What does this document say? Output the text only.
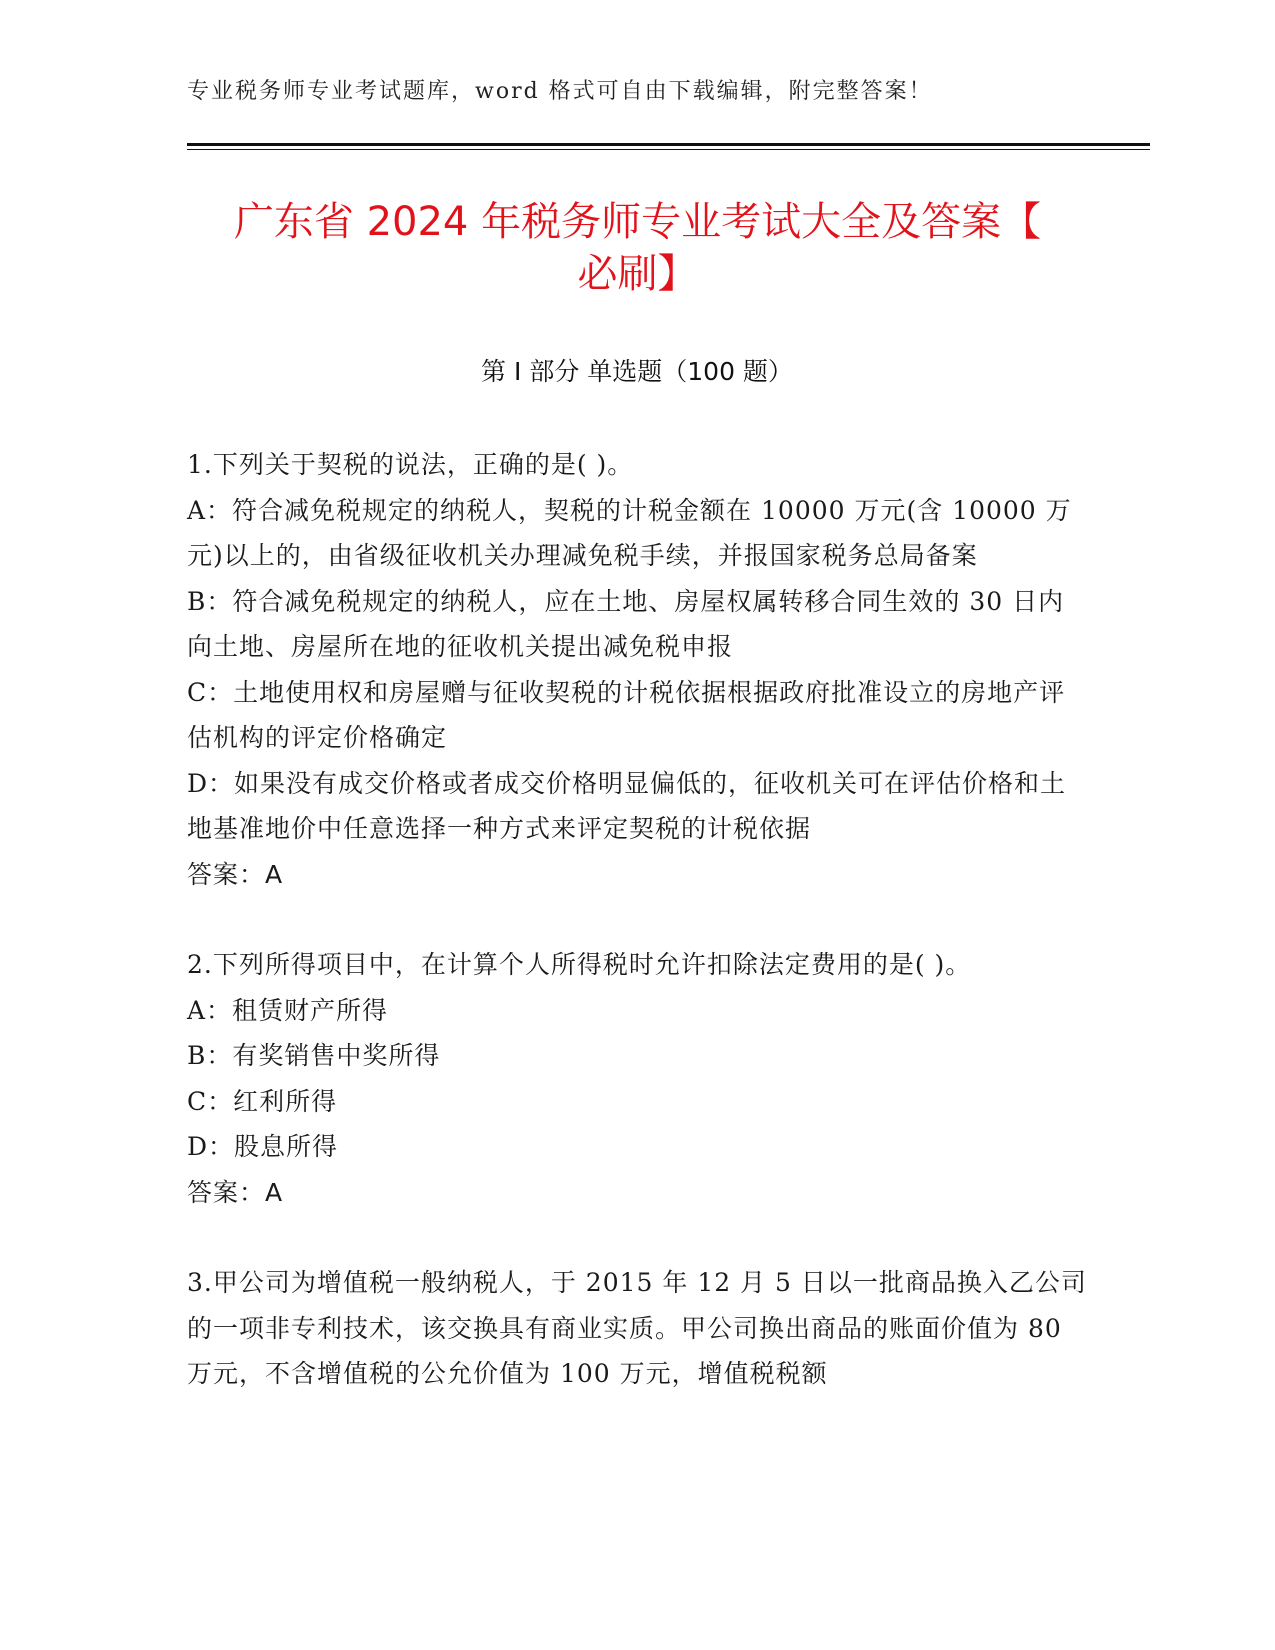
专业税务师专业考试题库，word 格式可自由下载编辑，附完整答案！
广东省 2024 年税务师专业考试大全及答案【
必刷】
第 I 部分 单选题（100 题）
1.下列关于契税的说法，正确的是( )。
A：符合减免税规定的纳税人，契税的计税金额在 10000 万元(含 10000 万元)以上的，由省级征收机关办理减免税手续，并报国家税务总局备案
B：符合减免税规定的纳税人，应在土地、房屋权属转移合同生效的 30 日内向土地、房屋所在地的征收机关提出减免税申报
C：土地使用权和房屋赠与征收契税的计税依据根据政府批准设立的房地产评估机构的评定价格确定
D：如果没有成交价格或者成交价格明显偏低的，征收机关可在评估价格和土地基准地价中任意选择一种方式来评定契税的计税依据
答案：A
2.下列所得项目中，在计算个人所得税时允许扣除法定费用的是( )。
A：租赁财产所得
B：有奖销售中奖所得
C：红利所得
D：股息所得
答案：A
3.甲公司为增值税一般纳税人，于 2015 年 12 月 5 日以一批商品换入乙公司的一项非专利技术，该交换具有商业实质。甲公司换出商品的账面价值为 80 万元，不含增值税的公允价值为 100 万元，增值税税额
